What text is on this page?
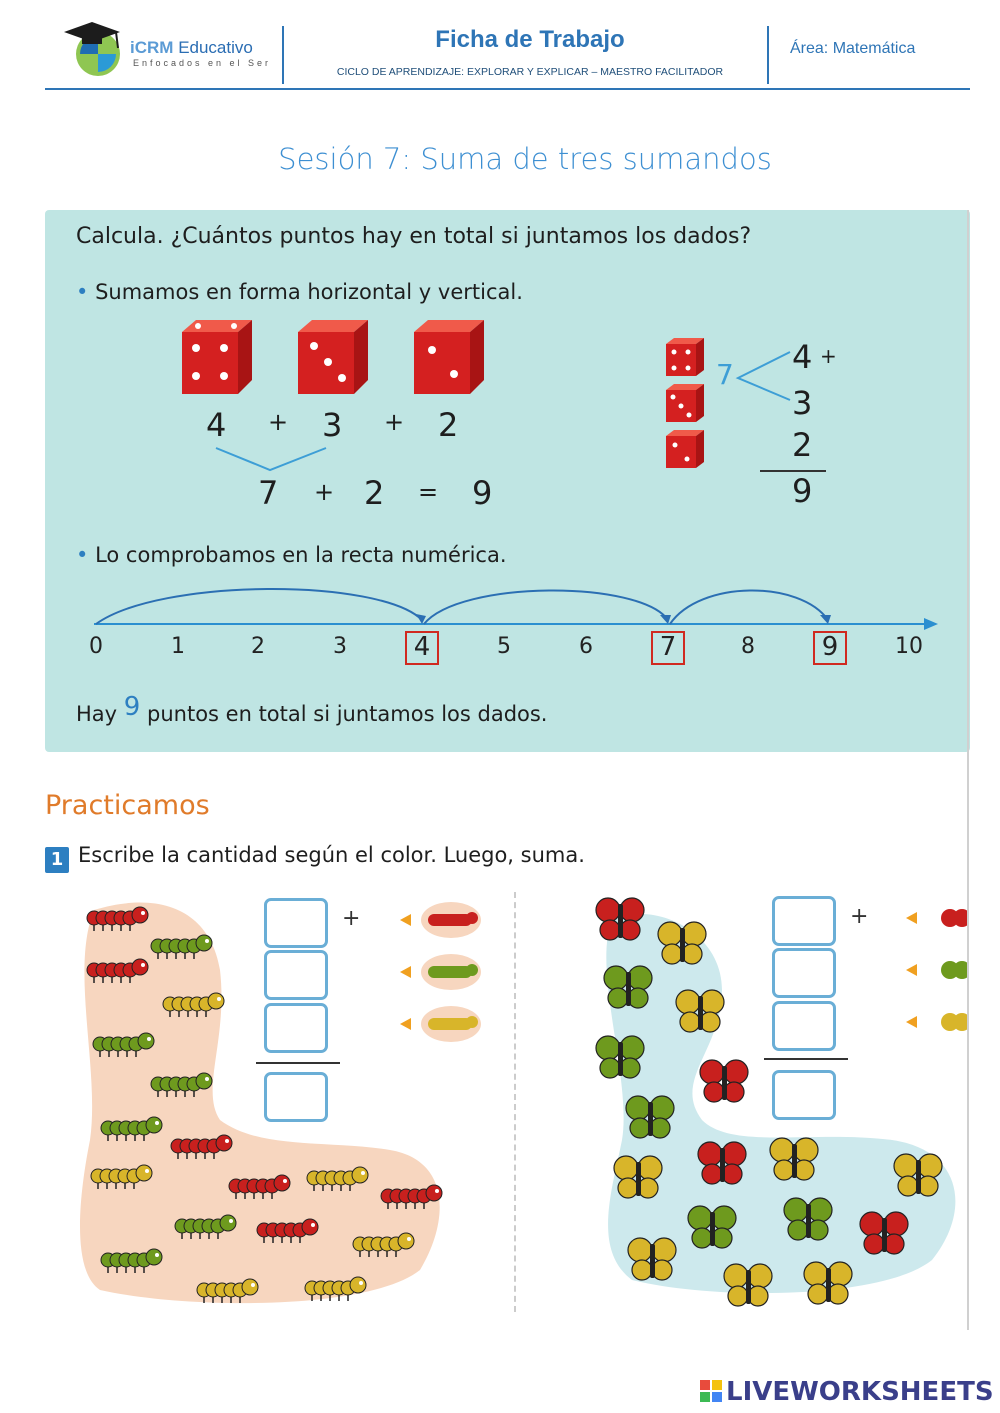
iCRM Educativo
Enfocados en el Ser
Ficha de Trabajo
CICLO DE APRENDIZAJE: EXPLORAR Y EXPLICAR – MAESTRO FACILITADOR
Área: Matemática
Sesión 7: Suma de tres sumandos
Calcula. ¿Cuántos puntos hay en total si juntamos los dados?
• Sumamos en forma horizontal y vertical.
4 + 3 + 2
7 + 2 = 9
7 4 +
3
2
9
• Lo comprobamos en la recta numérica.
0	1	2	3	4	5	6	7	8	9	10
Hay 9 puntos en total si juntamos los dados.
Practicamos
1 Escribe la cantidad según el color. Luego, suma.
+	+
LIVEWORKSHEETS
